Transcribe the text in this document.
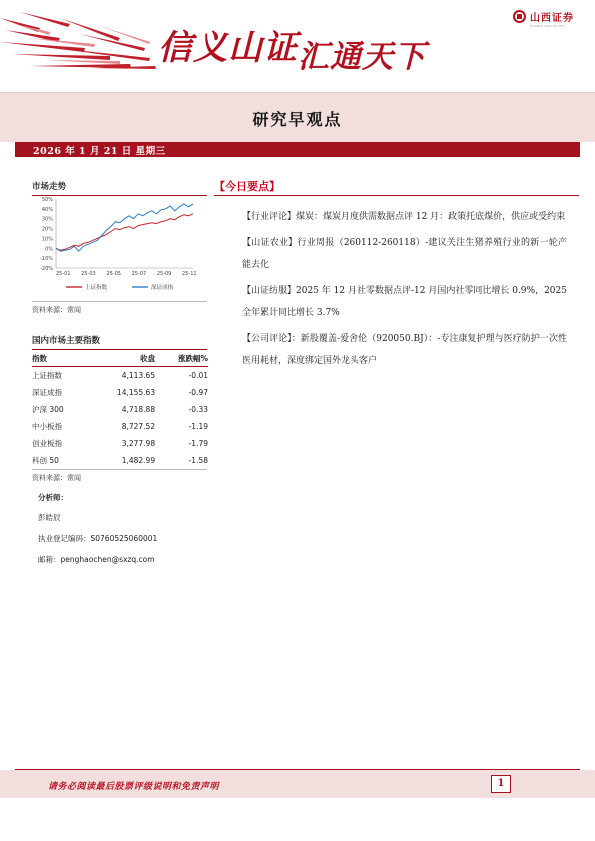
信义山证汇通天下
山西证券
SHANXI SECURITIES
研究早观点
2026 年 1 月 21 日 星期三
市场走势
50%
40%
30%
20%
10%
0%
-10%
-20%
25-01 25-03 25-05 25-07 25-09 25-11
上证指数	深证成指
资料来源：常闻
国内市场主要指数
指数	收盘	涨跌幅%
上证指数	4,113.65	-0.01
深证成指	14,155.63	-0.97
沪深 300	4,718.88	-0.33
中小板指	8,727.52	-1.19
创业板指	3,277.98	-1.79
科创 50	1,482.99	-1.58
资料来源：常闻
分析师：
彭皓辰
执业登记编码：S0760525060001
邮箱：penghaochen@sxzq.com
【今日要点】

【行业评论】煤炭：煤炭月度供需数据点评 12 月：政策托底煤价，供应或受约束

【山证农业】行业周报（260112-260118）-建议关注生猪养殖行业的新一轮产能去化

【山证纺服】2025 年 12 月社零数据点评-12 月国内社零同比增长 0.9%，2025 全年累计同比增长 3.7%

【公司评论】：新股覆盖-爱舍伦（920050.BJ）：-专注康复护理与医疗防护一次性医用耗材，深度绑定国外龙头客户

请务必阅读最后股票评级说明和免责声明	1
